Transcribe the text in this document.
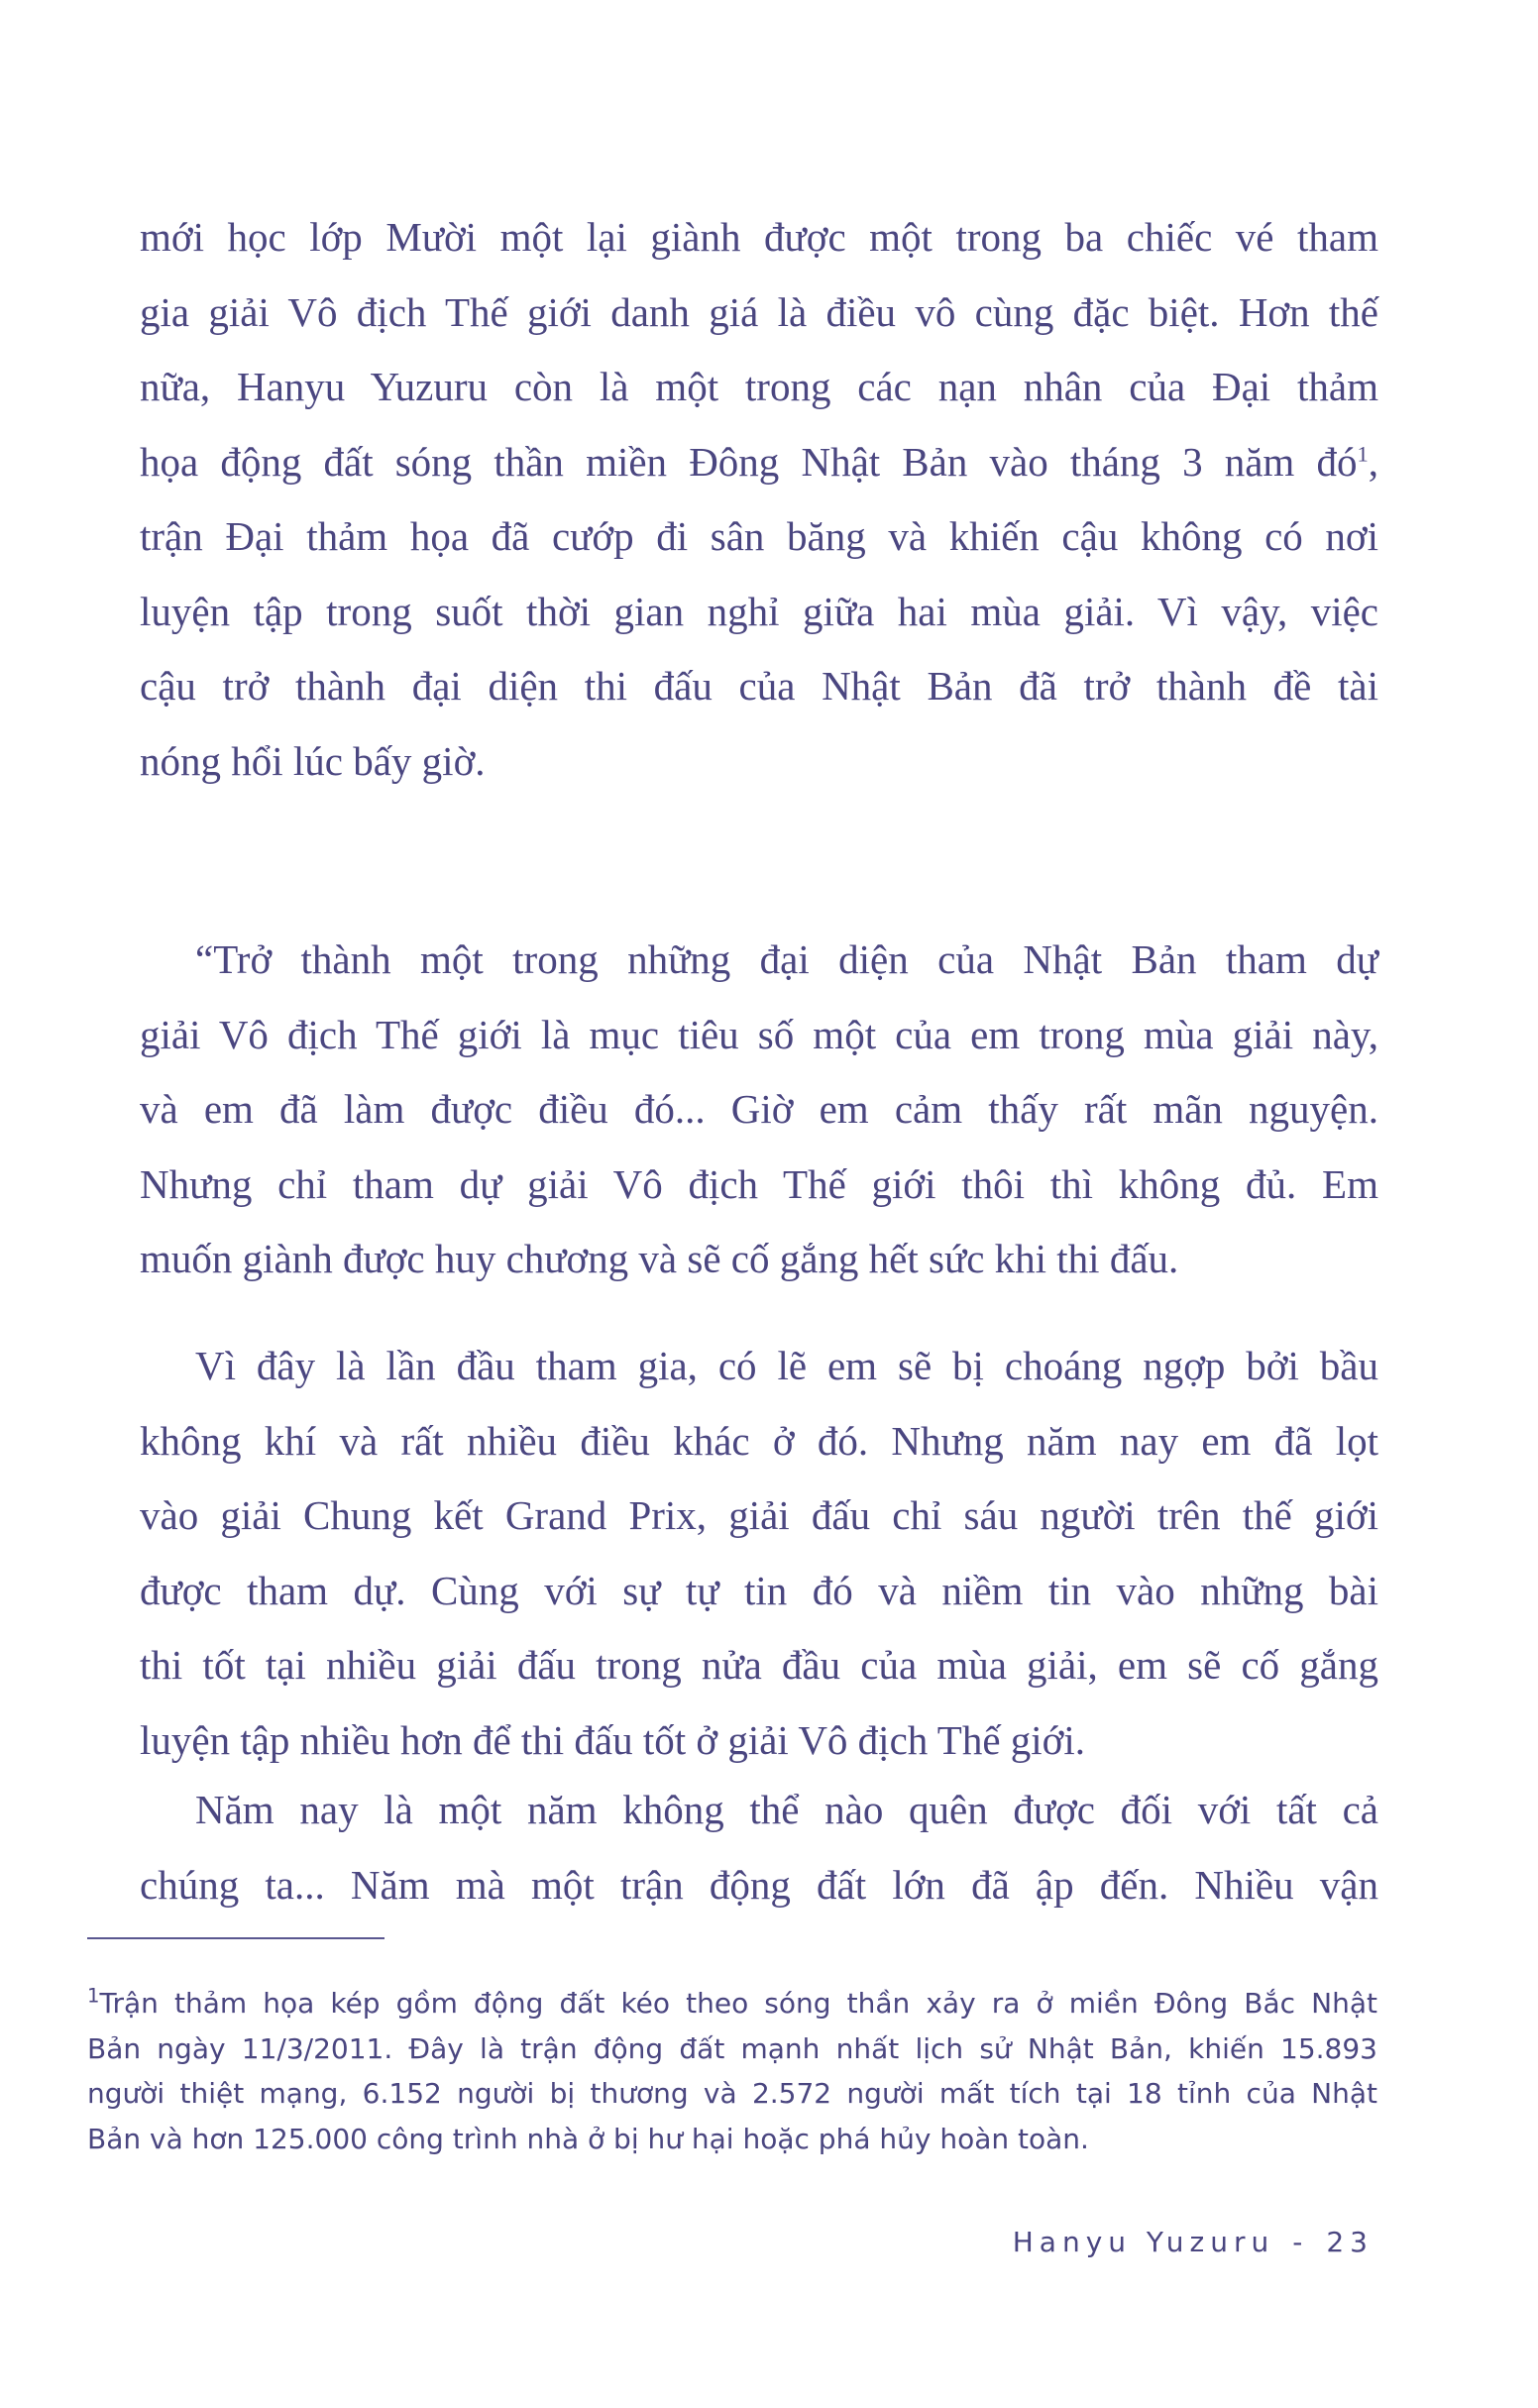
mới học lớp Mười một lại giành được một trong ba chiếc vé tham
gia giải Vô địch Thế giới danh giá là điều vô cùng đặc biệt. Hơn thế
nữa, Hanyu Yuzuru còn là một trong các nạn nhân của Đại thảm
họa động đất sóng thần miền Đông Nhật Bản vào tháng 3 năm $đó^1$,
trận Đại thảm họa đã cướp đi sân băng và khiến cậu không có nơi
luyện tập trong suốt thời gian nghỉ giữa hai mùa giải. Vì vậy, việc
cậu trở thành đại diện thi đấu của Nhật Bản đã trở thành đề tài
nóng hổi lúc bấy giờ.
“Trở thành một trong những đại diện của Nhật Bản tham dự
giải Vô địch Thế giới là mục tiêu số một của em trong mùa giải này,
và em đã làm được điều đó... Giờ em cảm thấy rất mãn nguyện.
Nhưng chỉ tham dự giải Vô địch Thế giới thôi thì không đủ. Em
muốn giành được huy chương và sẽ cố gắng hết sức khi thi đấu.
Vì đây là lần đầu tham gia, có lẽ em sẽ bị choáng ngợp bởi bầu
không khí và rất nhiều điều khác ở đó. Nhưng năm nay em đã lọt
vào giải Chung kết Grand Prix, giải đấu chỉ sáu người trên thế giới
được tham dự. Cùng với sự tự tin đó và niềm tin vào những bài
thi tốt tại nhiều giải đấu trong nửa đầu của mùa giải, em sẽ cố gắng
luyện tập nhiều hơn để thi đấu tốt ở giải Vô địch Thế giới.
Năm nay là một năm không thể nào quên được đối với tất cả
chúng ta... Năm mà một trận động đất lớn đã ập đến. Nhiều vận
$^1$Trận thảm họa kép gồm động đất kéo theo sóng thần xảy ra ở miền Đông Bắc Nhật
Bản ngày 11/3/2011. Đây là trận động đất mạnh nhất lịch sử Nhật Bản, khiến 15.893
người thiệt mạng, 6.152 người bị thương và 2.572 người mất tích tại 18 tỉnh của Nhật
Bản và hơn 125.000 công trình nhà ở bị hư hại hoặc phá hủy hoàn toàn.
Hanyu Yuzuru - 23
